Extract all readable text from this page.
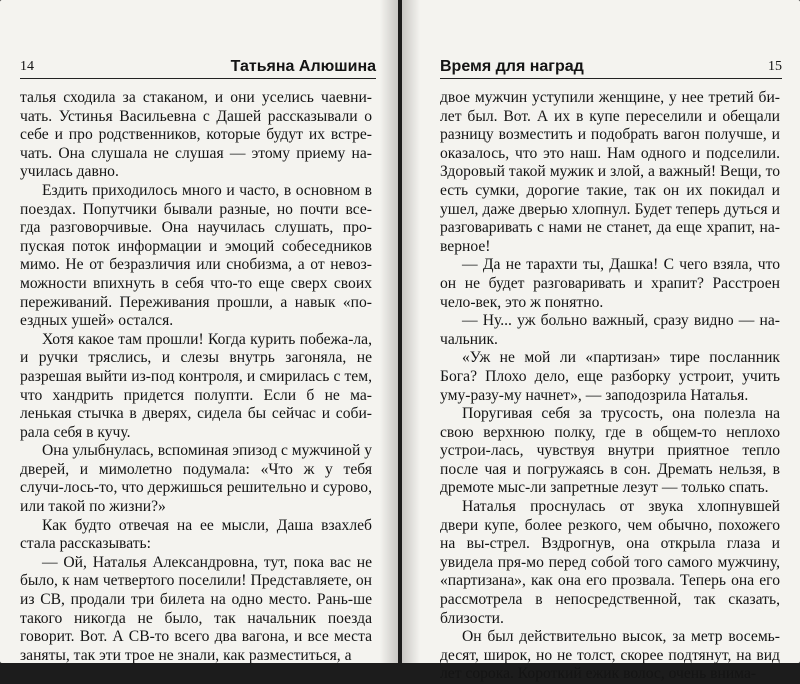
14	Татьяна Алюшина

талья сходила за стаканом, и они уселись чаевни-чать. Устинья Васильевна с Дашей рассказывали о себе и про родственников, которые будут их встре-чать. Она слушала не слушая — этому приему на-училась давно.

Ездить приходилось много и часто, в основном в поездах. Попутчики бывали разные, но почти все-гда разговорчивые. Она научилась слушать, про-пуская поток информации и эмоций собеседников мимо. Не от безразличия или снобизма, а от невоз-можности впихнуть в себя что-то еще сверх своих переживаний. Переживания прошли, а навык «по-ездных ушей» остался.

Хотя какое там прошли! Когда курить побежа-ла, и ручки тряслись, и слезы внутрь загоняла, не разрешая выйти из-под контроля, и смирилась с тем, что хандрить придется полупти. Если б не ма-ленькая стычка в дверях, сидела бы сейчас и соби-рала себя в кучу.

Она улыбнулась, вспоминая эпизод с мужчиной у дверей, и мимолетно подумала: «Что ж у тебя случи-лось-то, что держишься решительно и сурово, или такой по жизни?»

Как будто отвечая на ее мысли, Даша взахлеб стала рассказывать:

— Ой, Наталья Александровна, тут, пока вас не было, к нам четвертого поселили! Представляете, он из СВ, продали три билета на одно место. Рань-ше такого никогда не было, так начальник поезда говорит. Вот. А СВ-то всего два вагона, и все места заняты, так эти трое не знали, как разместиться, а

Время для наград	15

двое мужчин уступили женщине, у нее третий би-лет был. Вот. А их в купе переселили и обещали разницу возместить и подобрать вагон получше, и оказалось, что это наш. Нам одного и подселили. Здоровый такой мужик и злой, а важный! Вещи, то есть сумки, дорогие такие, так он их покидал и ушел, даже дверью хлопнул. Будет теперь дуться и разговаривать с нами не станет, да еще храпит, на-верное!

— Да не тарахти ты, Дашка! С чего взяла, что он не будет разговаривать и храпит? Расстроен чело-век, это ж понятно.

— Ну... уж больно важный, сразу видно — на-чальник.

«Уж не мой ли «партизан» тире посланник Бога? Плохо дело, еще разборку устроит, учить уму-разу-му начнет», — заподозрила Наталья.

Поругивая себя за трусость, она полезла на свою верхнюю полку, где в общем-то неплохо устрои-лась, чувствуя внутри приятное тепло после чая и погружаясь в сон. Дремать нельзя, в дремоте мыс-ли запретные лезут — только спать.

Наталья проснулась от звука хлопнувшей двери купе, более резкого, чем обычно, похожего на вы-стрел. Вздрогнув, она открыла глаза и увидела пря-мо перед собой того самого мужчину, «партизана», как она его прозвала. Теперь она его рассмотрела в непосредственной, так сказать, близости.

Он был действительно высок, за метр восемь-десят, широк, но не толст, скорее подтянут, на вид лет сорока. Короткий ежик волос, очень внима-
